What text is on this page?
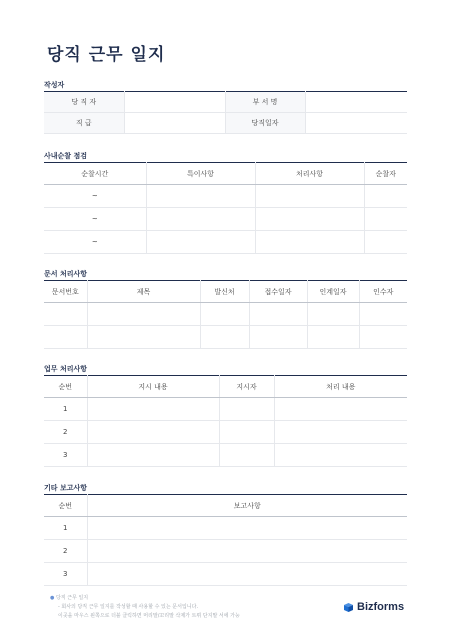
당직 근무 일지
작성자
당 직 자		부 서 명	
직 급		당직일자	
사내순찰 점검
순찰시간	특이사항	처리사항	순찰자
~			
~			
~			
문서 처리사항
문서번호	제목	발신처	접수일자	인계일자	인수자

업무 처리사항
순번	지시 내용	지시자	처리 내용
1			
2			
3			
기타 보고사항
순번	보고사항
1	
2	
3	
● 당직 근무 일지
- 회사의 당직 근무 일지를 작성할 때 사용할 수 있는 문서입니다.
이곳을 마우스 왼쪽으로 더블 클릭하면 머리말/꼬리말 삭제가 트뤼 단지말 서에 가능
Bizforms
